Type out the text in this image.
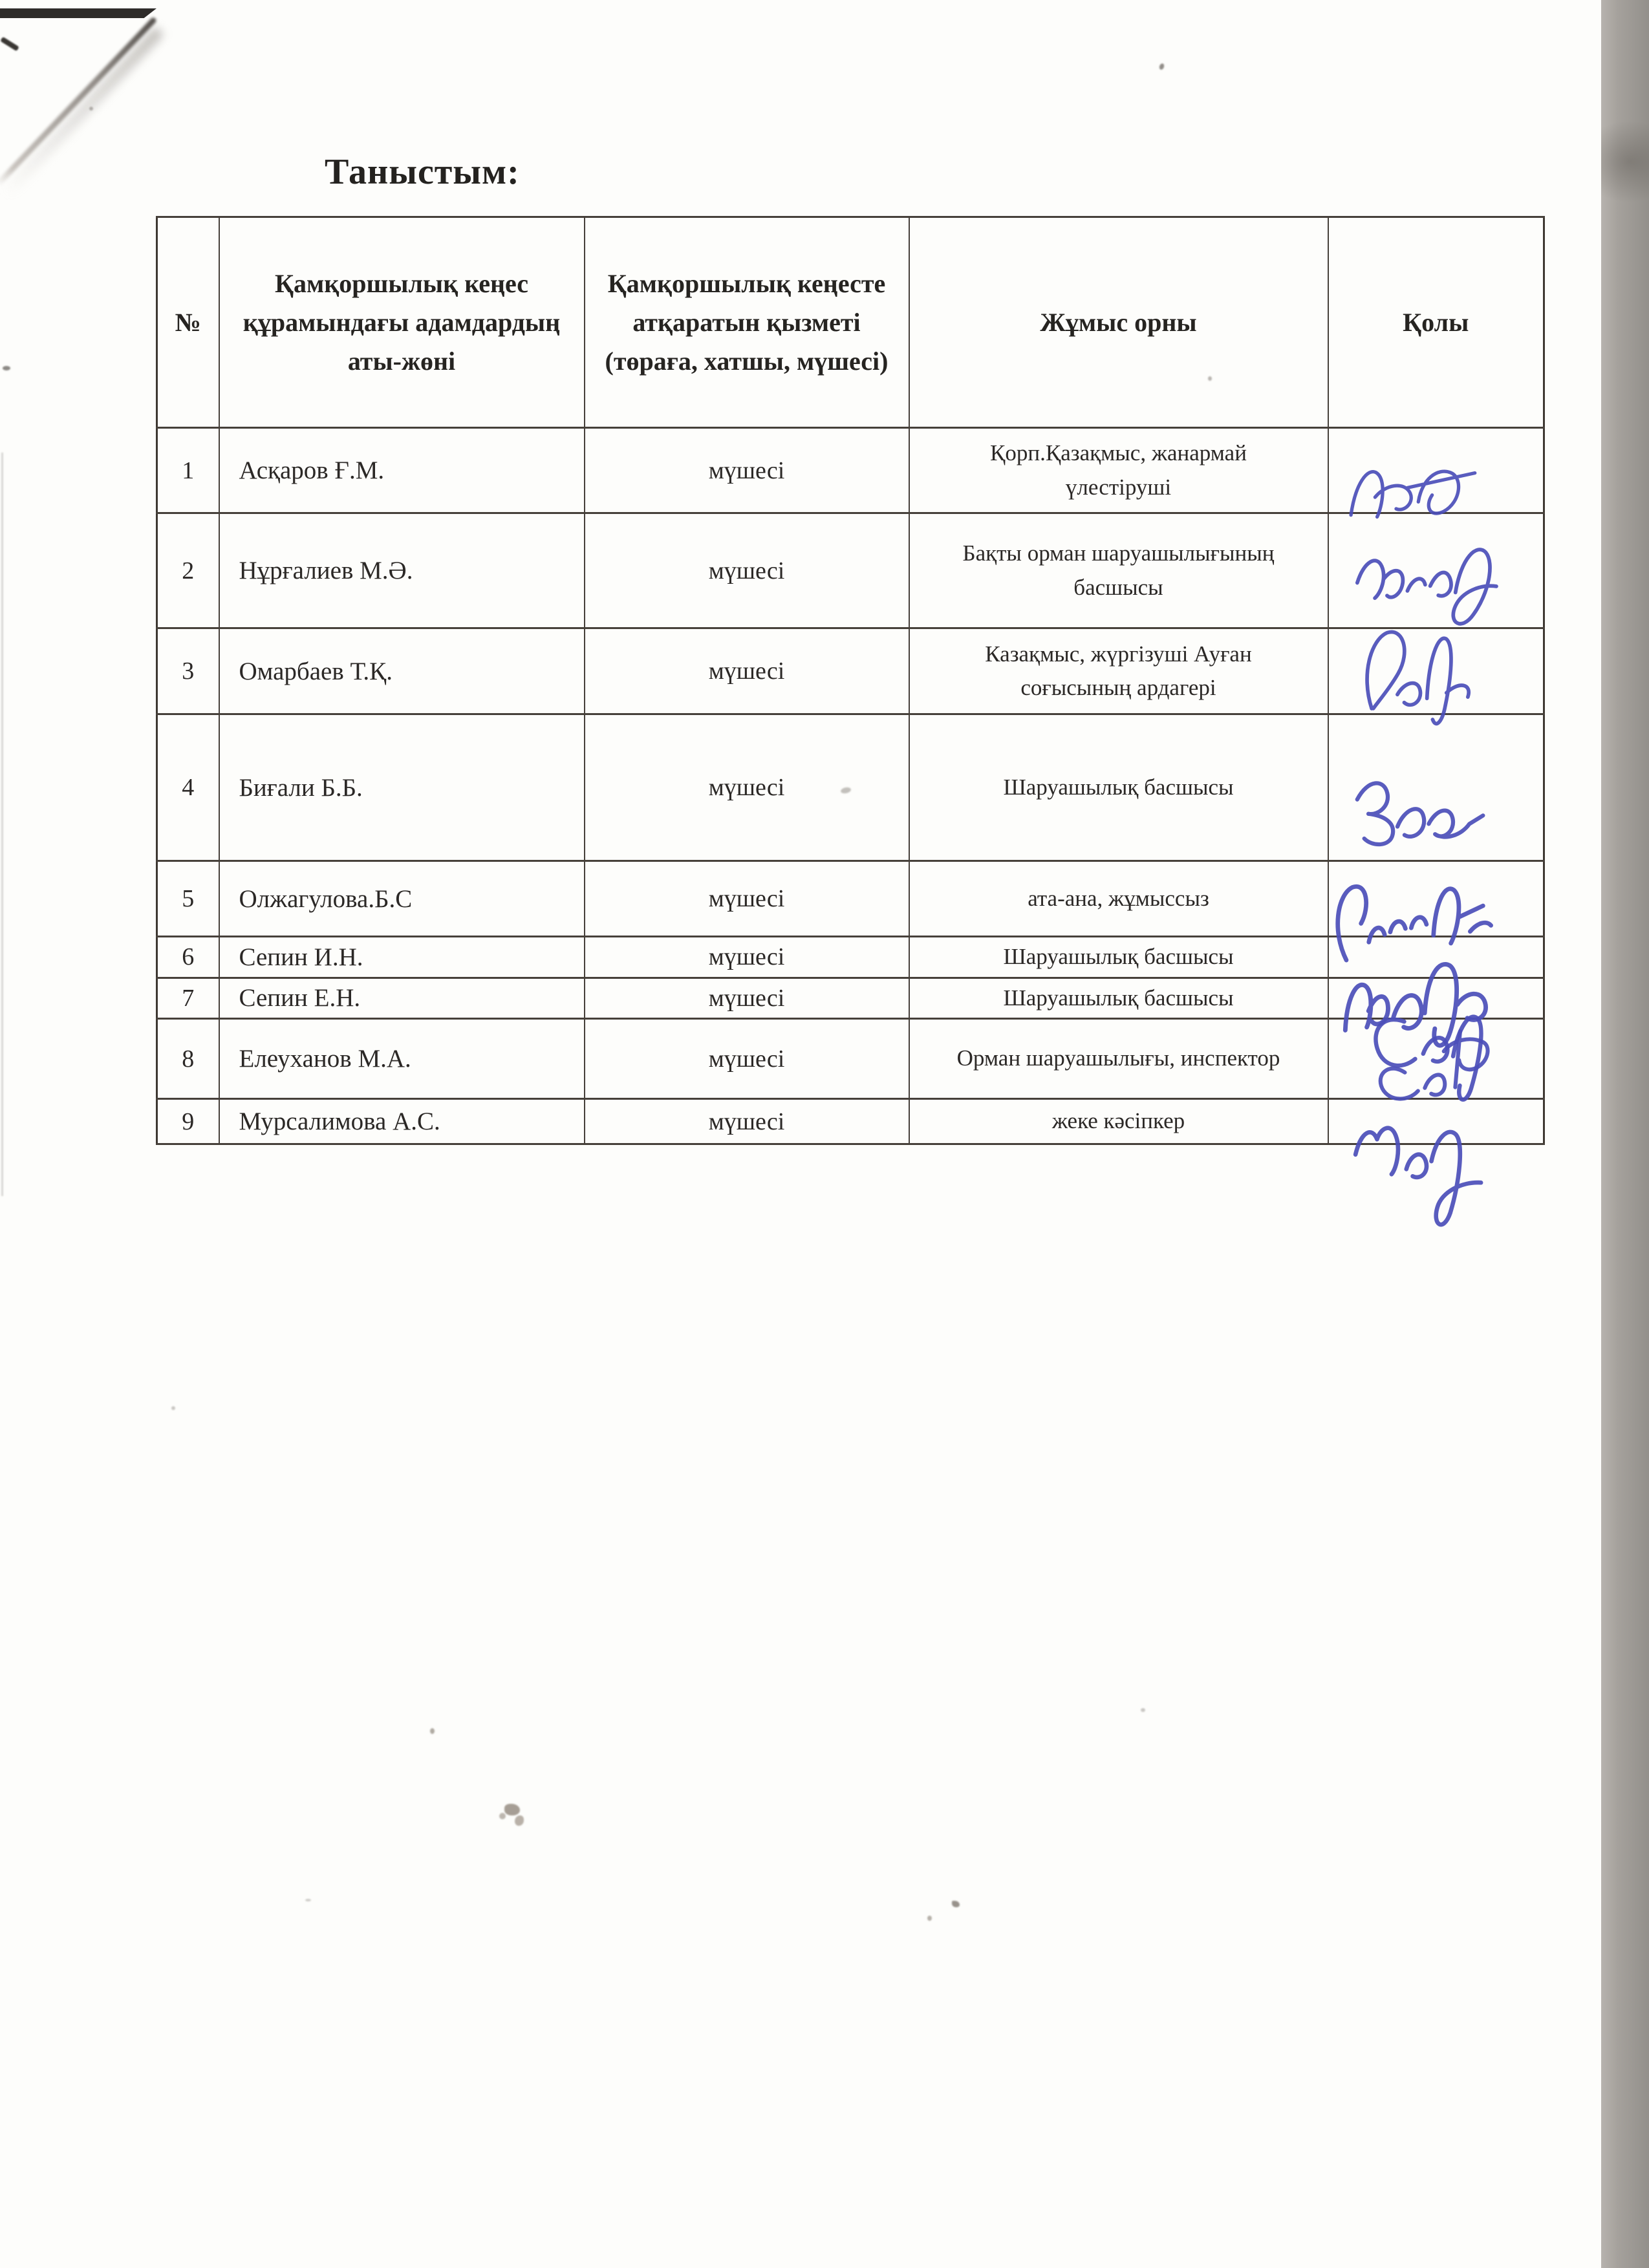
Таныстым:
№	Қамқоршылық кеңес құрамындағы адамдардың аты-жөні	Қамқоршылық кеңесте атқаратын қызметі (төраға, хатшы, мүшесі)	Жұмыс орны	Қолы
1	Асқаров Ғ.М.	мүшесі	Қорп.Қазақмыс, жанармай үлестіруші	
2	Нұрғалиев М.Ә.	мүшесі	Бақты орман шаруашылығының басшысы	
3	Омарбаев Т.Қ.	мүшесі	Казақмыс, жүргізуші Ауған соғысының ардагері	
4	Биғали Б.Б.	мүшесі	Шаруашылық басшысы	
5	Олжагулова.Б.С	мүшесі	ата-ана, жұмыссыз	
6	Сепин И.Н.	мүшесі	Шаруашылық басшысы	
7	Сепин Е.Н.	мүшесі	Шаруашылық басшысы	
8	Елеуханов М.А.	мүшесі	Орман шаруашылығы, инспектор	
9	Мурсалимова А.С.	мүшесі	жеке кәсіпкер	
